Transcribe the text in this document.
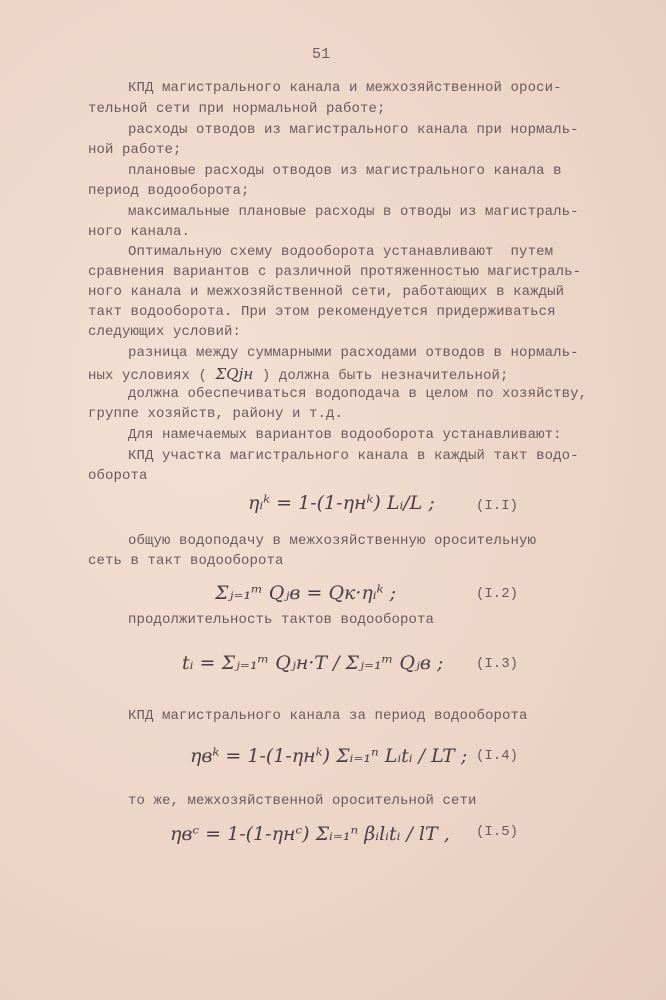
51
КПД магистрального канала и межхозяйственной ороси-
тельной сети при нормальной работе;
расходы отводов из магистрального канала при нормаль-
ной работе;
плановые расходы отводов из магистрального канала в
период водооборота;
максимальные плановые расходы в отводы из магистраль-
ного канала.
Оптимальную схему водооборота устанавливают  путем
сравнения вариантов с различной протяженностью магистраль-
ного канала и межхозяйственной сети, работающих в каждый
такт водооборота. При этом рекомендуется придерживаться
следующих условий:
разница между суммарными расходами отводов в нормаль-
ных условиях ( ΣQjн ) должна быть незначительной;
должна обеспечиваться водоподача в целом по хозяйству,
группе хозяйств, району и т.д.
Для намечаемых вариантов водооборота устанавливают:
КПД участка магистрального канала в каждый такт водо-
оборота
ηᵢᵏ = 1-(1-ηнᵏ) Lᵢ/L ;	(I.I)
общую водоподачу в межхозяйственную оросительную
сеть в такт водооборота
Σⱼ₌₁ᵐ Qⱼв = Qк·ηᵢᵏ ;	(I.2)
продолжительность тактов водооборота
tᵢ = Σⱼ₌₁ᵐ Qⱼн·T / Σⱼ₌₁ᵐ Qⱼв ; (I.3)
КПД магистрального канала за период водооборота
ηвᵏ = 1-(1-ηнᵏ) Σᵢ₌₁ⁿ Lᵢtᵢ / LT ; (I.4)
то же, межхозяйственной оросительной сети
ηвᶜ = 1-(1-ηнᶜ) Σᵢ₌₁ⁿ βᵢlᵢtᵢ / lT , (I.5)
